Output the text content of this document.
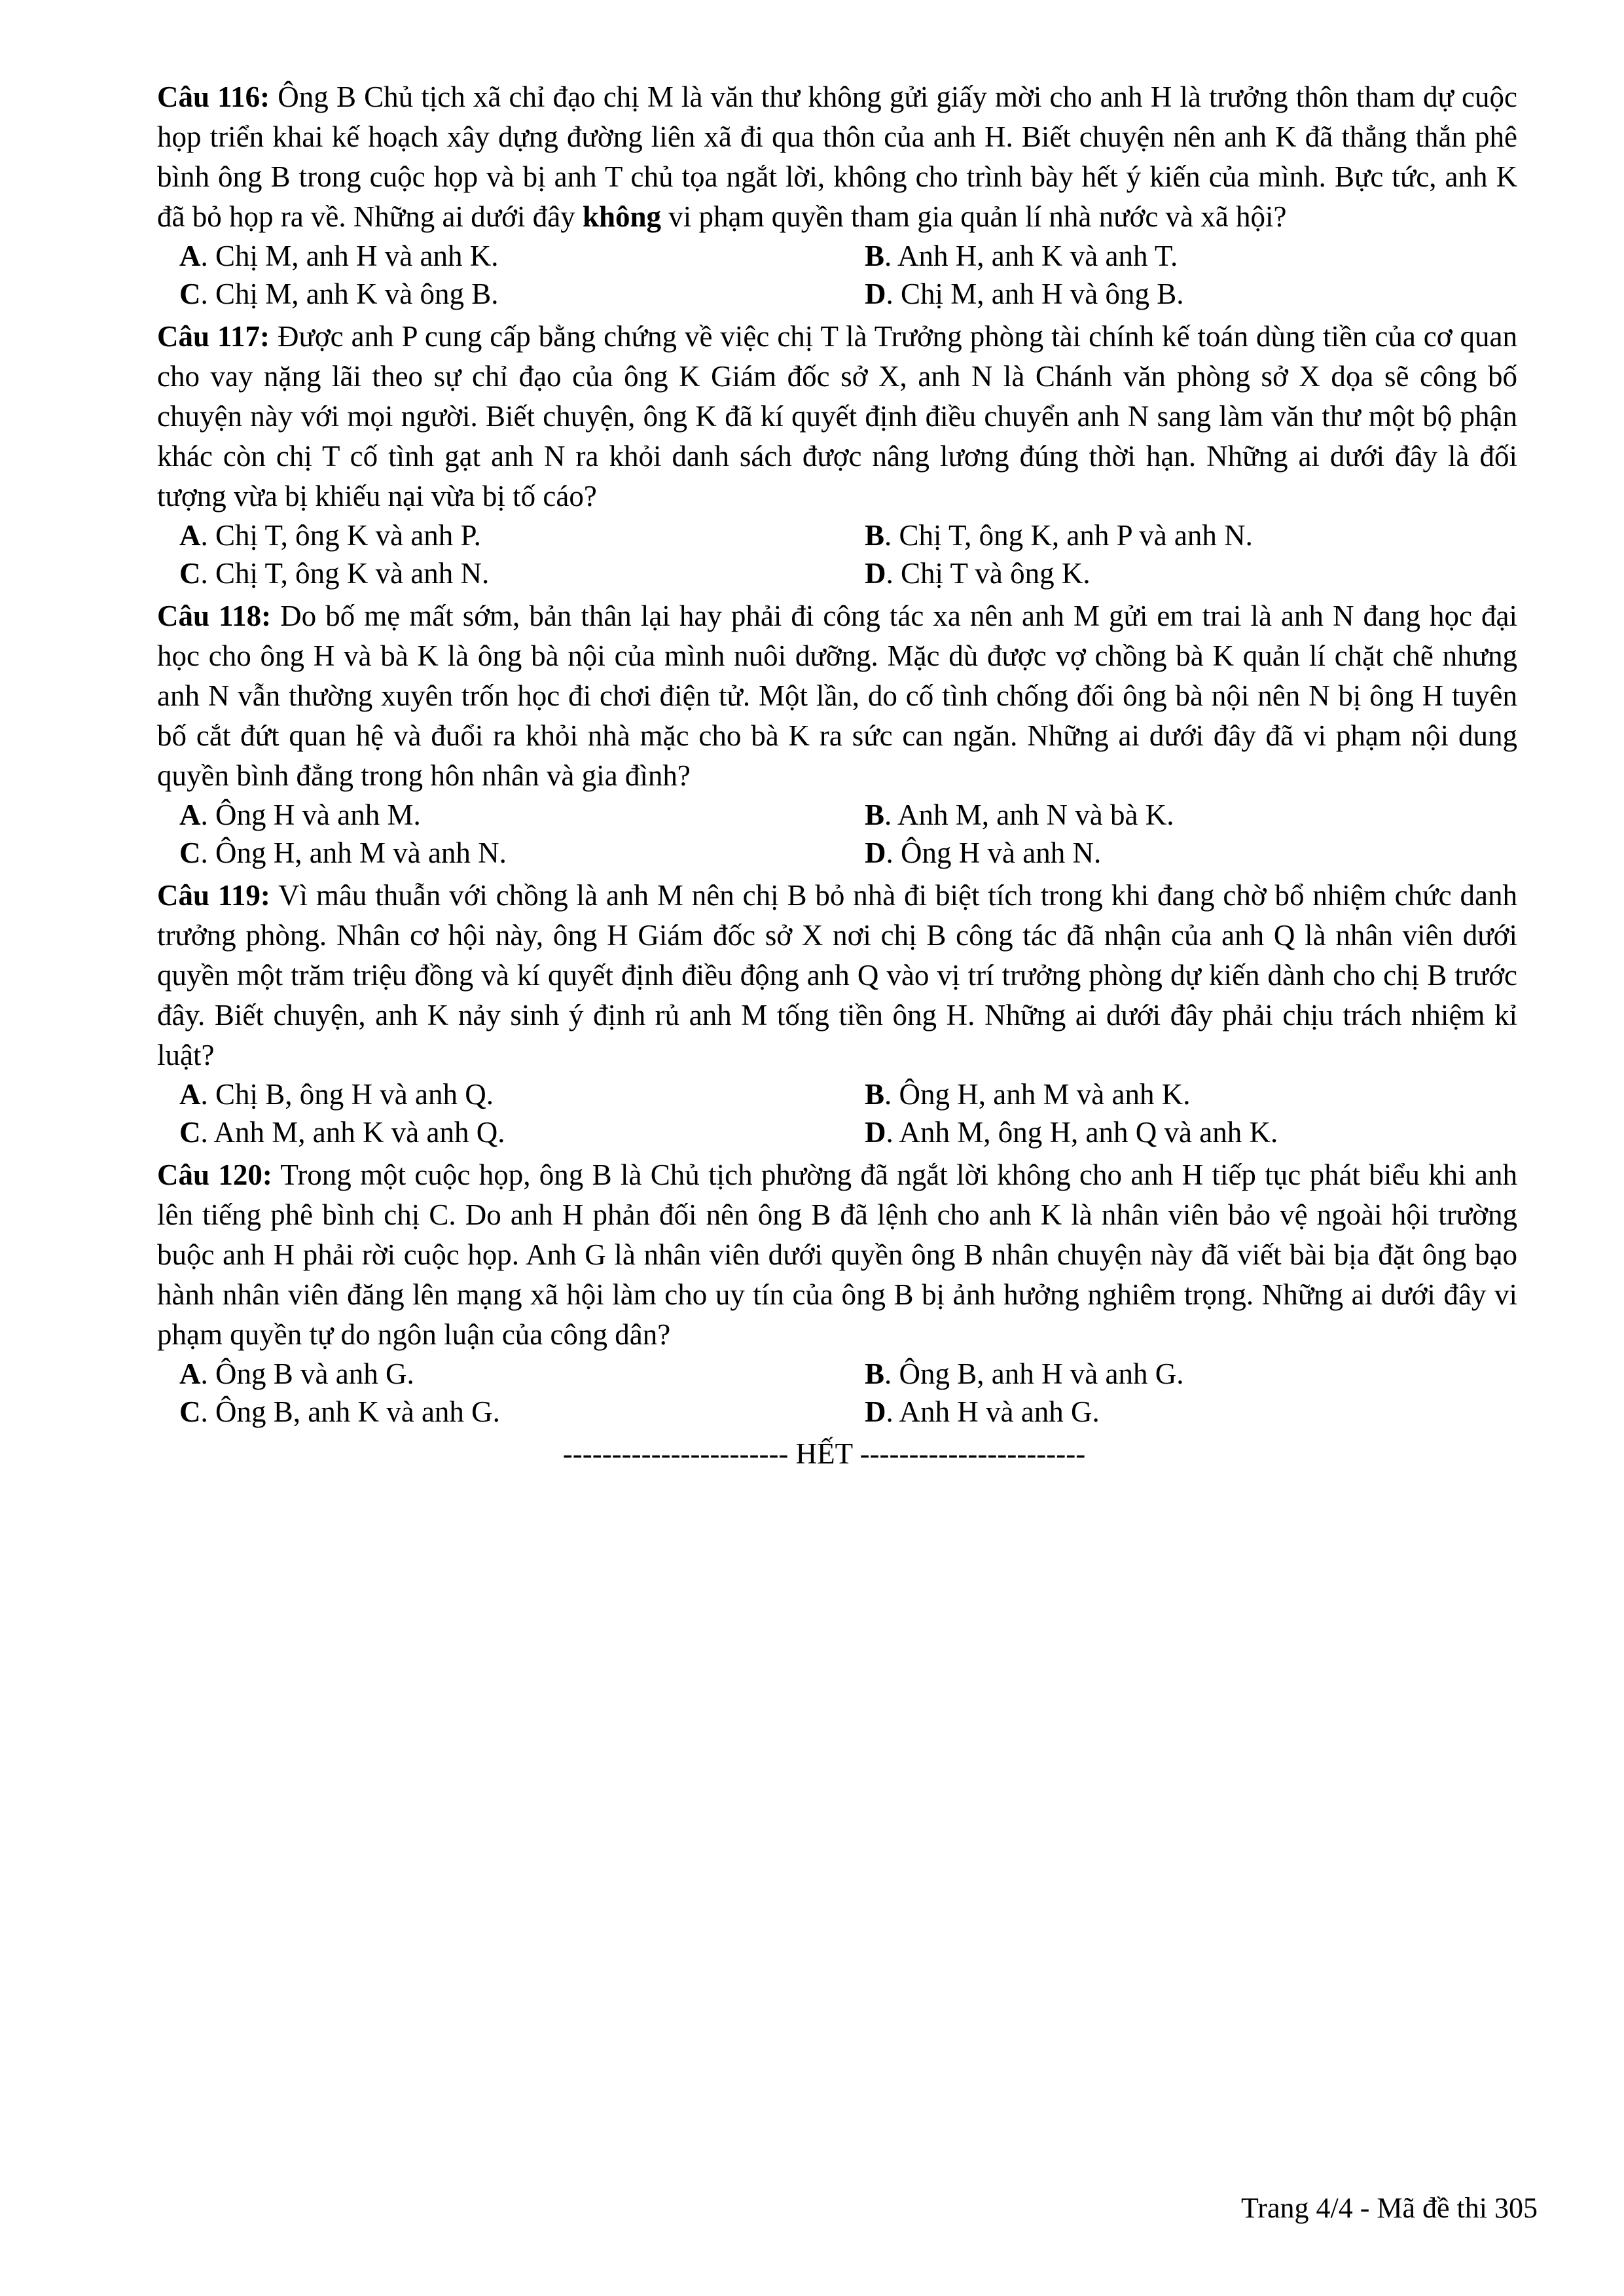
Câu 116: Ông B Chủ tịch xã chỉ đạo chị M là văn thư không gửi giấy mời cho anh H là trưởng thôn tham dự cuộc họp triển khai kế hoạch xây dựng đường liên xã đi qua thôn của anh H. Biết chuyện nên anh K đã thẳng thắn phê bình ông B trong cuộc họp và bị anh T chủ tọa ngắt lời, không cho trình bày hết ý kiến của mình. Bực tức, anh K đã bỏ họp ra về. Những ai dưới đây không vi phạm quyền tham gia quản lí nhà nước và xã hội?

A. Chị M, anh H và anh K.	B. Anh H, anh K và anh T.
C. Chị M, anh K và ông B.	D. Chị M, anh H và ông B.

Câu 117: Được anh P cung cấp bằng chứng về việc chị T là Trưởng phòng tài chính kế toán dùng tiền của cơ quan cho vay nặng lãi theo sự chỉ đạo của ông K Giám đốc sở X, anh N là Chánh văn phòng sở X dọa sẽ công bố chuyện này với mọi người. Biết chuyện, ông K đã kí quyết định điều chuyển anh N sang làm văn thư một bộ phận khác còn chị T cố tình gạt anh N ra khỏi danh sách được nâng lương đúng thời hạn. Những ai dưới đây là đối tượng vừa bị khiếu nại vừa bị tố cáo?

A. Chị T, ông K và anh P.	B. Chị T, ông K, anh P và anh N.
C. Chị T, ông K và anh N.	D. Chị T và ông K.

Câu 118: Do bố mẹ mất sớm, bản thân lại hay phải đi công tác xa nên anh M gửi em trai là anh N đang học đại học cho ông H và bà K là ông bà nội của mình nuôi dưỡng. Mặc dù được vợ chồng bà K quản lí chặt chẽ nhưng anh N vẫn thường xuyên trốn học đi chơi điện tử. Một lần, do cố tình chống đối ông bà nội nên N bị ông H tuyên bố cắt đứt quan hệ và đuổi ra khỏi nhà mặc cho bà K ra sức can ngăn. Những ai dưới đây đã vi phạm nội dung quyền bình đẳng trong hôn nhân và gia đình?

A. Ông H và anh M.	B. Anh M, anh N và bà K.
C. Ông H, anh M và anh N.	D. Ông H và anh N.

Câu 119: Vì mâu thuẫn với chồng là anh M nên chị B bỏ nhà đi biệt tích trong khi đang chờ bổ nhiệm chức danh trưởng phòng. Nhân cơ hội này, ông H Giám đốc sở X nơi chị B công tác đã nhận của anh Q là nhân viên dưới quyền một trăm triệu đồng và kí quyết định điều động anh Q vào vị trí trưởng phòng dự kiến dành cho chị B trước đây. Biết chuyện, anh K nảy sinh ý định rủ anh M tống tiền ông H. Những ai dưới đây phải chịu trách nhiệm kỉ luật?

A. Chị B, ông H và anh Q.	B. Ông H, anh M và anh K.
C. Anh M, anh K và anh Q.	D. Anh M, ông H, anh Q và anh K.

Câu 120: Trong một cuộc họp, ông B là Chủ tịch phường đã ngắt lời không cho anh H tiếp tục phát biểu khi anh lên tiếng phê bình chị C. Do anh H phản đối nên ông B đã lệnh cho anh K là nhân viên bảo vệ ngoài hội trường buộc anh H phải rời cuộc họp. Anh G là nhân viên dưới quyền ông B nhân chuyện này đã viết bài bịa đặt ông bạo hành nhân viên đăng lên mạng xã hội làm cho uy tín của ông B bị ảnh hưởng nghiêm trọng. Những ai dưới đây vi phạm quyền tự do ngôn luận của công dân?

A. Ông B và anh G.	B. Ông B, anh H và anh G.
C. Ông B, anh K và anh G.	D. Anh H và anh G.
----------------------- HẾT -----------------------
Trang 4/4 - Mã đề thi 305
